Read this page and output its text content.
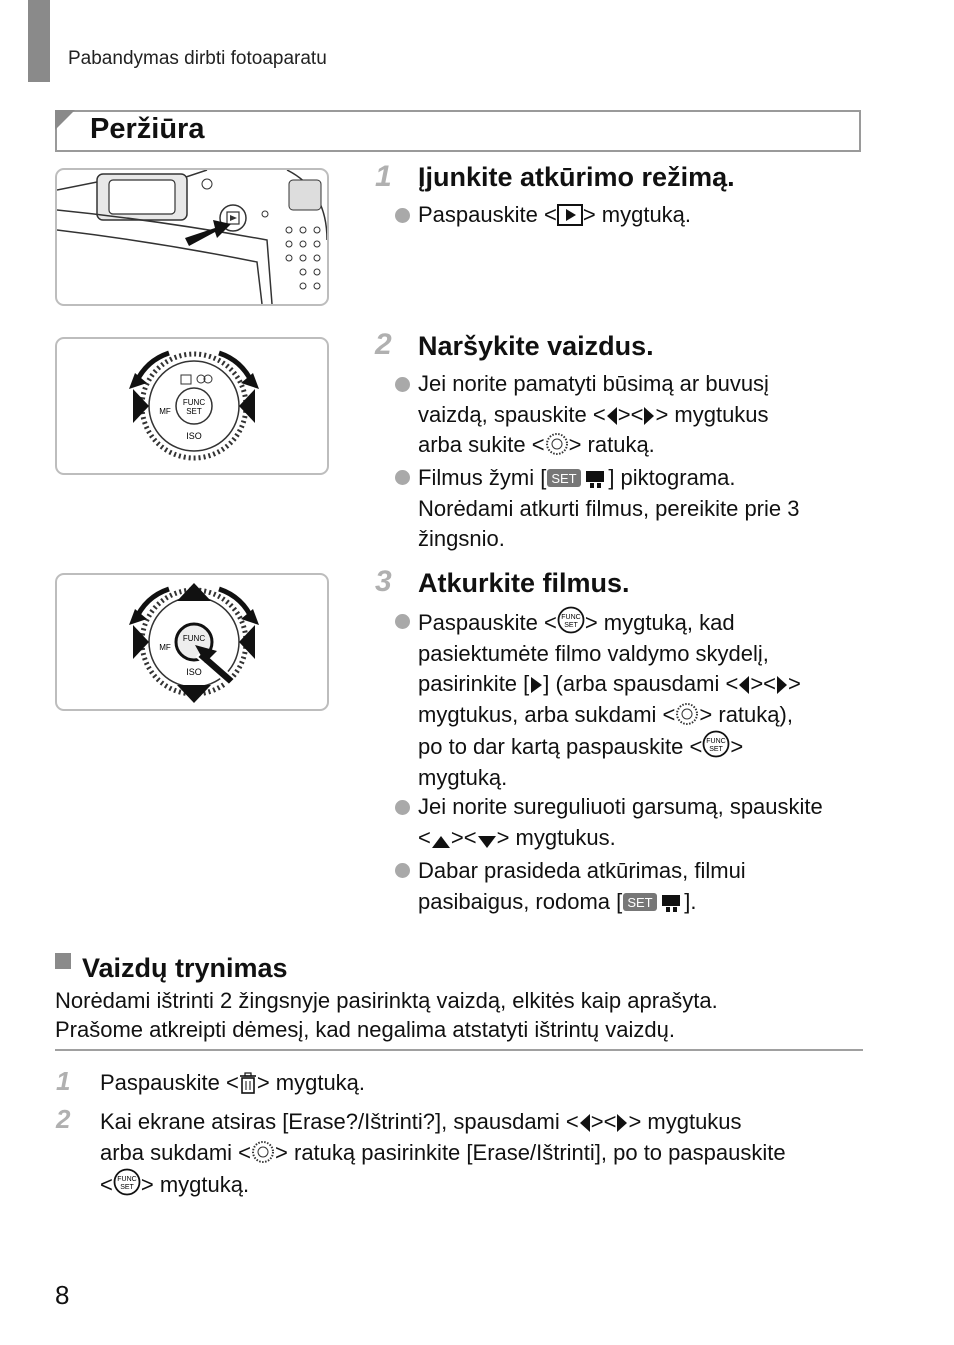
Pabandymas dirbti fotoaparatu
Peržiūra
FUNC
SET
ISO
MF
FUNC
ISO
MF
1 Įjunkite atkūrimo režimą.
Paspauskite < > mygtuką.
2 Naršykite vaizdus.
Jei norite pamatyti būsimą ar buvusį
vaizdą, spauskite < >< > mygtukus
arba sukite < > ratuką.
Filmus žymi [ SET ] piktograma.
Norėdami atkurti filmus, pereikite prie 3
žingsnio.
3 Atkurkite filmus.
Paspauskite < FUNC
SET > mygtuką, kad
pasiektumėte filmo valdymo skydelį,
pasirinkite [ ] (arba spausdami < >< >
mygtukus, arba sukdami < > ratuką),
po to dar kartą paspauskite < FUNC
SET >
mygtuką.
Jei norite sureguliuoti garsumą, spauskite
< >< > mygtukus.
Dabar prasideda atkūrimas, filmui
pasibaigus, rodoma [ SET ].
Vaizdų trynimas
Norėdami ištrinti 2 žingsnyje pasirinktą vaizdą, elkitės kaip aprašyta.
Prašome atkreipti dėmesį, kad negalima atstatyti ištrintų vaizdų.
1 Paspauskite < > mygtuką.
2 Kai ekrane atsiras [Erase?/Ištrinti?], spausdami < >< > mygtukus
arba sukdami < > ratuką pasirinkite [Erase/Ištrinti], po to paspauskite
< FUNC
SET > mygtuką.
8
